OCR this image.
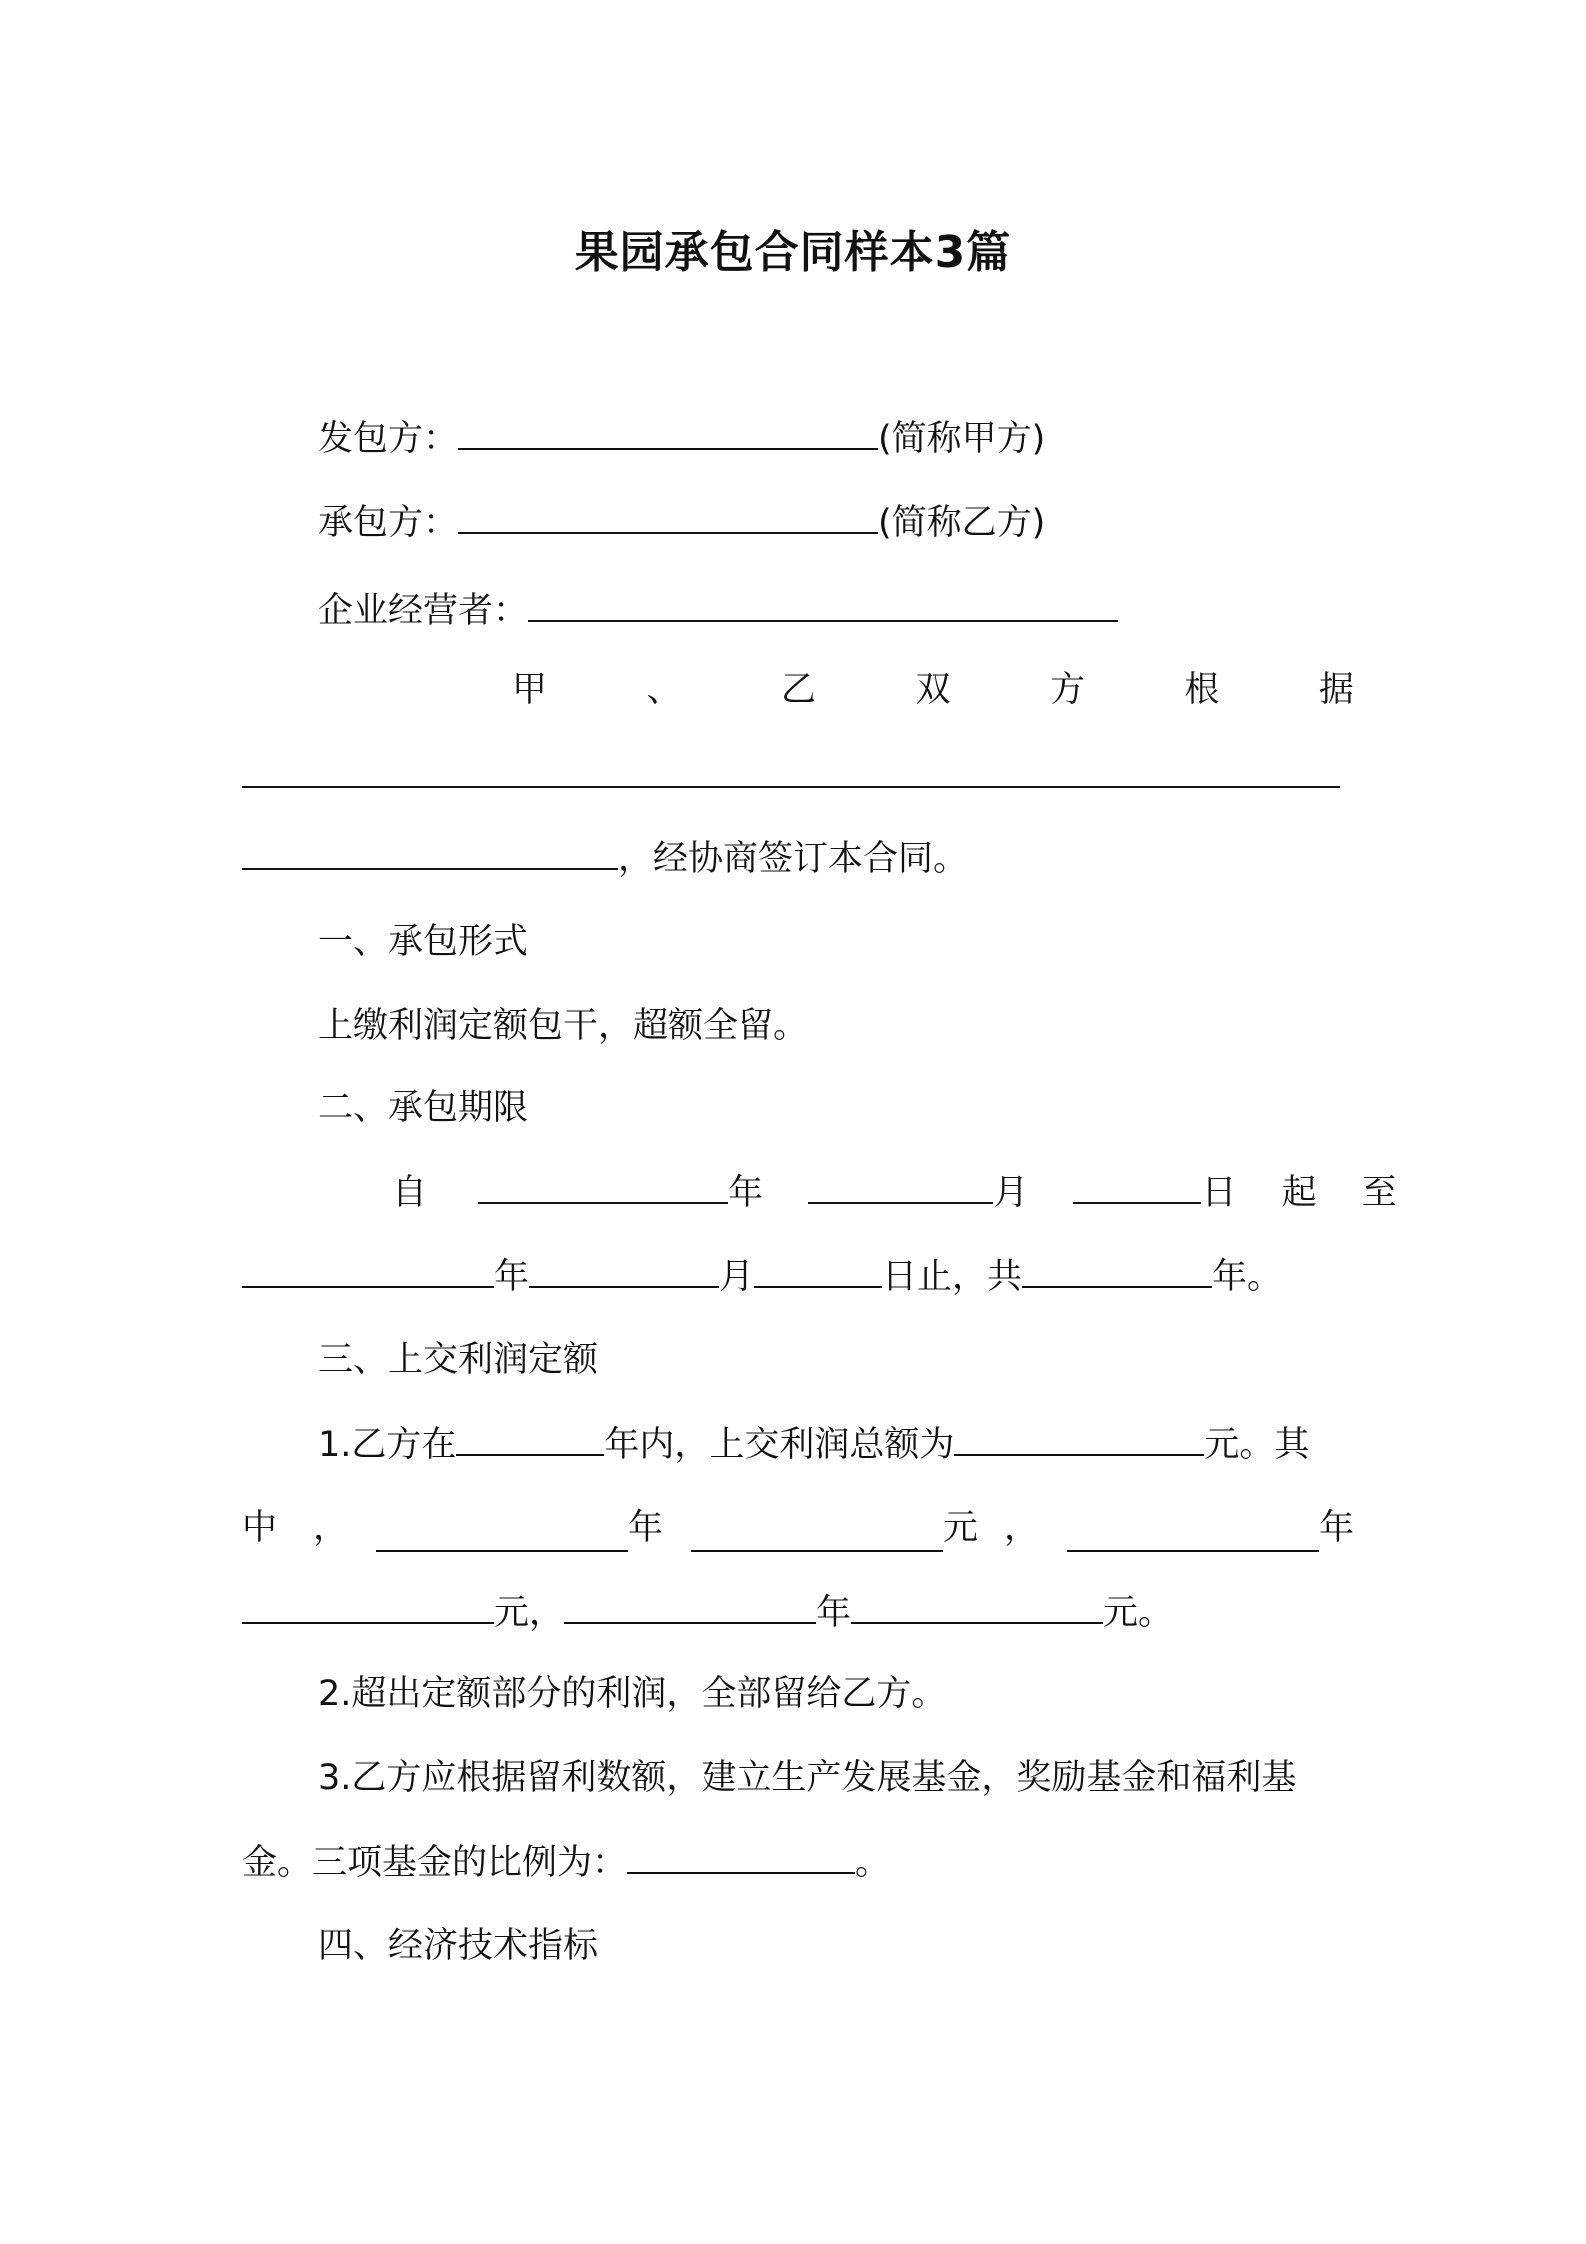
果园承包合同样本3篇
发包方：	(简称甲方)
承包方：	(简称乙方)
企业经营者：
甲	、	乙	双	方	根	据
，经协商签订本合同。
一、承包形式
上缴利润定额包干，超额全留。
二、承包期限
自	年	月	日 起 至
年	月	日止，共	年。
三、上交利润定额
1.乙方在	年内，上交利润总额为	元。其
中 ，	年	元 ，	年
元，	年	元。
2.超出定额部分的利润，全部留给乙方。
3.乙方应根据留利数额，建立生产发展基金，奖励基金和福利基
金。三项基金的比例为：	。
四、经济技术指标
